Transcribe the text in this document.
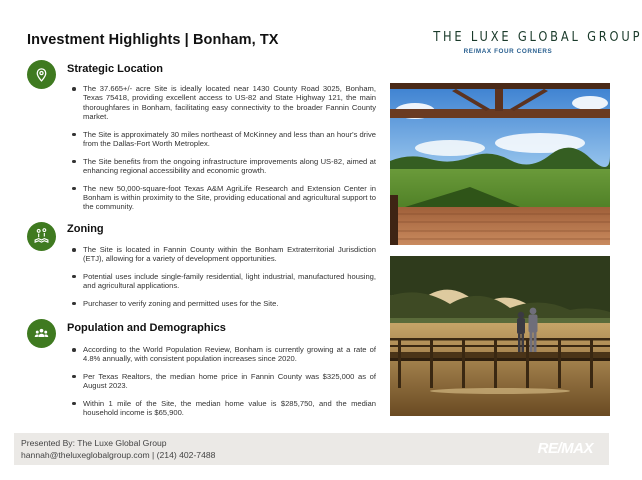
Investment Highlights | Bonham, TX	THE LUXE GLOBAL GROUP
RE/MAX FOUR CORNERS
Strategic Location
The 37.665+/- acre Site is ideally located near 1430 County Road 3025, Bonham, Texas 75418, providing excellent access to US-82 and State Highway 121, the main thoroughfares in Bonham, facilitating easy connectivity to the broader Fannin County market.
The Site is approximately 30 miles northeast of McKinney and less than an hour's drive from the Dallas-Fort Worth Metroplex.
The Site benefits from the ongoing infrastructure improvements along US-82, aimed at enhancing regional accessibility and economic growth.
The new 50,000-square-foot Texas A&M AgriLife Research and Extension Center in Bonham is within proximity to the Site, providing educational and agricultural support to the community.
Zoning
The Site is located in Fannin County within the Bonham Extraterritorial Jurisdiction (ETJ), allowing for a variety of development opportunities.
Potential uses include single-family residential, light industrial, manufactured housing, and agricultural applications.
Purchaser to verify zoning and permitted uses for the Site.
Population and Demographics
According to the World Population Review, Bonham is currently growing at a rate of 4.8% annually, with consistent population increases since 2020.
Per Texas Realtors, the median home price in Fannin County was $325,000 as of August 2023.
Within 1 mile of the Site, the median home value is $285,750, and the median household income is $65,900.
Presented By: The Luxe Global Group
hannah@theluxeglobalgroup.com | (214) 402-7488	RE/MAX
